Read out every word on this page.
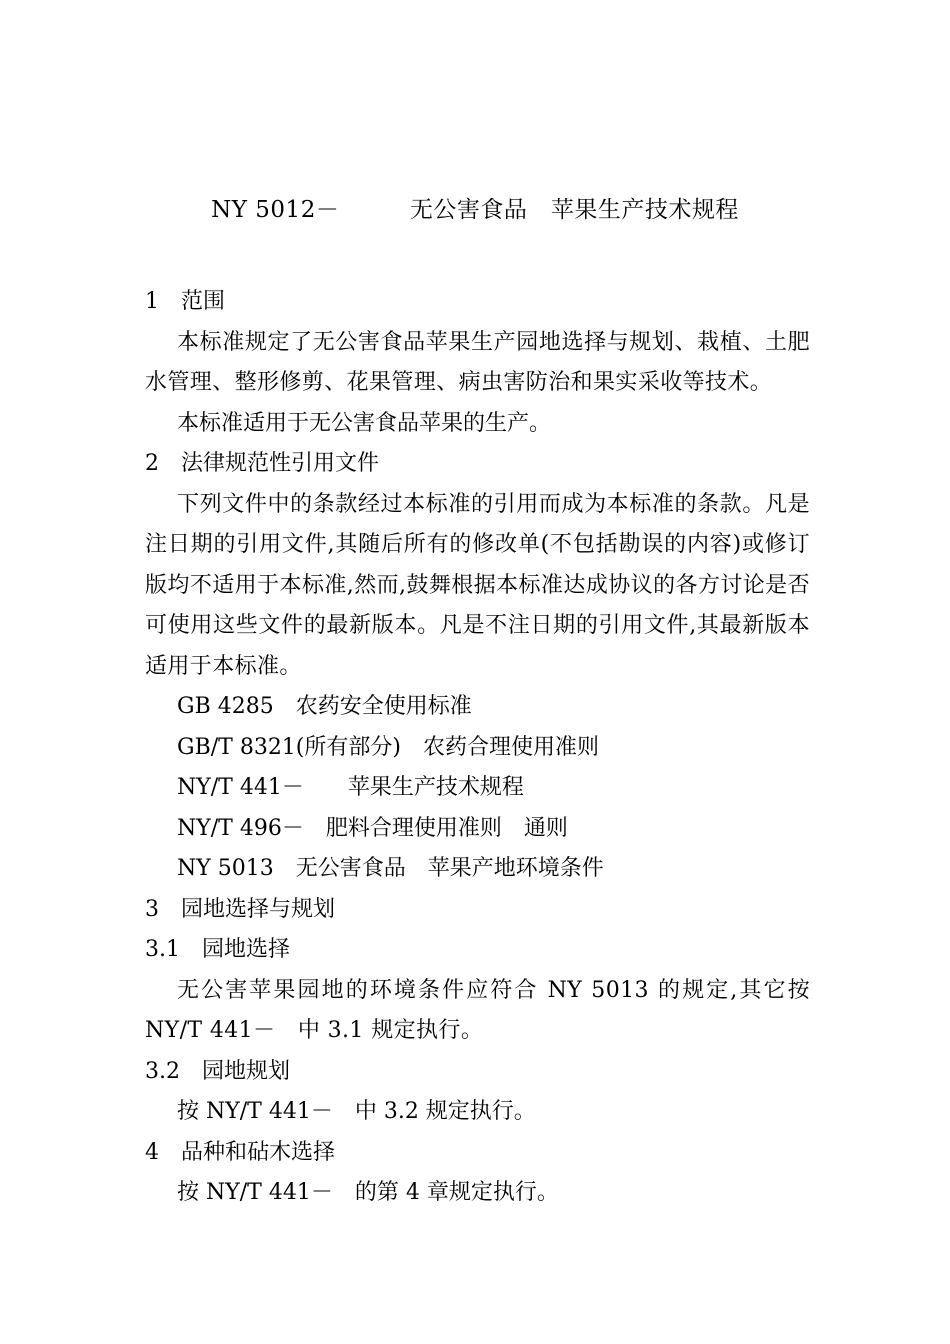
NY 5012－　　　无公害食品　苹果生产技术规程
1　范围

本标准规定了无公害食品苹果生产园地选择与规划、栽植、土肥水管理、整形修剪、花果管理、病虫害防治和果实采收等技术。

本标准适用于无公害食品苹果的生产。
2　法律规范性引用文件

下列文件中的条款经过本标准的引用而成为本标准的条款。凡是注日期的引用文件,其随后所有的修改单(不包括勘误的内容)或修订版均不适用于本标准,然而,鼓舞根据本标准达成协议的各方讨论是否可使用这些文件的最新版本。凡是不注日期的引用文件,其最新版本适用于本标准。

GB 4285　农药安全使用标准
GB/T 8321(所有部分)　农药合理使用准则
NY/T 441－　　苹果生产技术规程
NY/T 496－　肥料合理使用准则　通则
NY 5013　无公害食品　苹果产地环境条件
3　园地选择与规划
3.1　园地选择

无公害苹果园地的环境条件应符合 NY 5013 的规定,其它按NY/T 441－　中 3.1 规定执行。

3.2　园地规划
按 NY/T 441－　中 3.2 规定执行。
4　品种和砧木选择
按 NY/T 441－　的第 4 章规定执行。
